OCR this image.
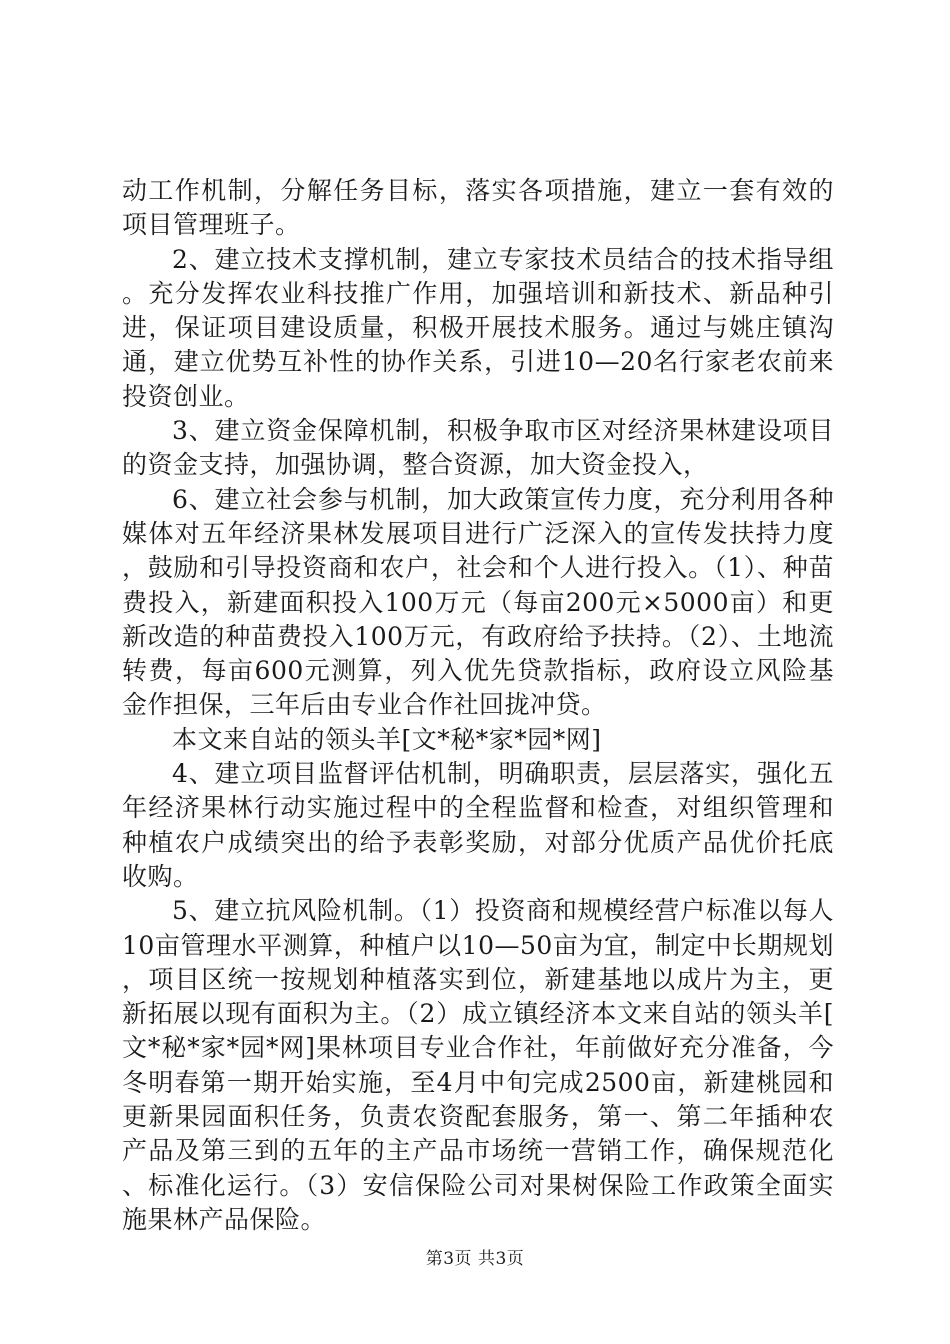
动工作机制，分解任务目标，落实各项措施，建立一套有效的项目管理班子。

2、建立技术支撑机制，建立专家技术员结合的技术指导组。充分发挥农业科技推广作用，加强培训和新技术、新品种引进，保证项目建设质量，积极开展技术服务。通过与姚庄镇沟通，建立优势互补性的协作关系，引进10—20名行家老农前来投资创业。

3、建立资金保障机制，积极争取市区对经济果林建设项目的资金支持，加强协调，整合资源，加大资金投入，

6、建立社会参与机制，加大政策宣传力度，充分利用各种媒体对五年经济果林发展项目进行广泛深入的宣传发扶持力度，鼓励和引导投资商和农户，社会和个人进行投入。（1）、种苗费投入，新建面积投入100万元（每亩200元×5000亩）和更新改造的种苗费投入100万元，有政府给予扶持。（2）、土地流转费，每亩600元测算，列入优先贷款指标，政府设立风险基金作担保，三年后由专业合作社回拢冲贷。

本文来自站的领头羊[文*秘*家*园*网]

4、建立项目监督评估机制，明确职责，层层落实，强化五年经济果林行动实施过程中的全程监督和检查，对组织管理和种植农户成绩突出的给予表彰奖励，对部分优质产品优价托底收购。

5、建立抗风险机制。（1）投资商和规模经营户标准以每人10亩管理水平测算，种植户以10—50亩为宜，制定中长期规划，项目区统一按规划种植落实到位，新建基地以成片为主，更新拓展以现有面积为主。（2）成立镇经济本文来自站的领头羊[文*秘*家*园*网]果林项目专业合作社，年前做好充分准备，今冬明春第一期开始实施，至4月中旬完成2500亩，新建桃园和更新果园面积任务，负责农资配套服务，第一、第二年插种农产品及第三到的五年的主产品市场统一营销工作，确保规范化、标准化运行。（3）安信保险公司对果树保险工作政策全面实施果林产品保险。

第3页 共3页
